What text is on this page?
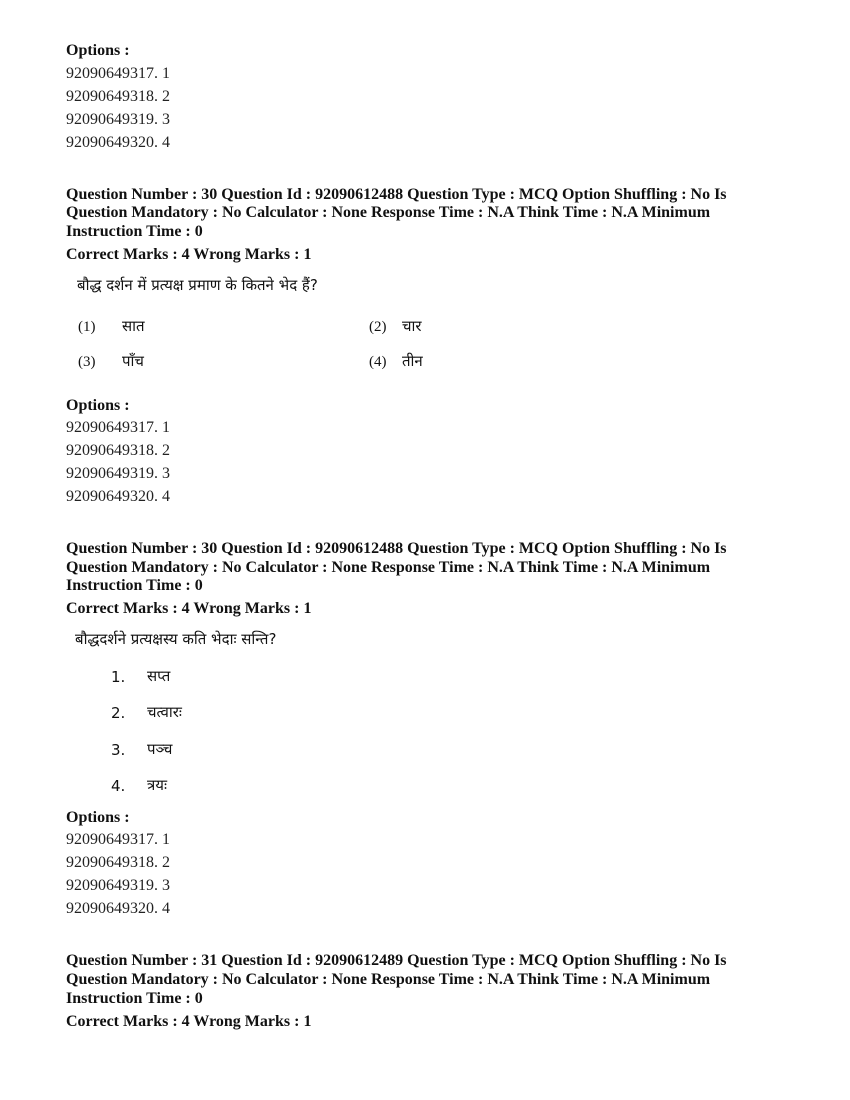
Options :
92090649317. 1
92090649318. 2
92090649319. 3
92090649320. 4
Question Number : 30 Question Id : 92090612488 Question Type : MCQ Option Shuffling : No Is
Question Mandatory : No Calculator : None Response Time : N.A Think Time : N.A Minimum
Instruction Time : 0
Correct Marks : 4 Wrong Marks : 1
बौद्ध दर्शन में प्रत्यक्ष प्रमाण के कितने भेद हैं?
(1) सात	(2) चार
(3) पाँच	(4) तीन
Options :
92090649317. 1
92090649318. 2
92090649319. 3
92090649320. 4
Question Number : 30 Question Id : 92090612488 Question Type : MCQ Option Shuffling : No Is
Question Mandatory : No Calculator : None Response Time : N.A Think Time : N.A Minimum
Instruction Time : 0
Correct Marks : 4 Wrong Marks : 1
बौद्धदर्शने प्रत्यक्षस्य कति भेदाः सन्ति?
1. सप्त
2. चत्वारः
3. पञ्च
4. त्रयः
Options :
92090649317. 1
92090649318. 2
92090649319. 3
92090649320. 4
Question Number : 31 Question Id : 92090612489 Question Type : MCQ Option Shuffling : No Is
Question Mandatory : No Calculator : None Response Time : N.A Think Time : N.A Minimum
Instruction Time : 0
Correct Marks : 4 Wrong Marks : 1
